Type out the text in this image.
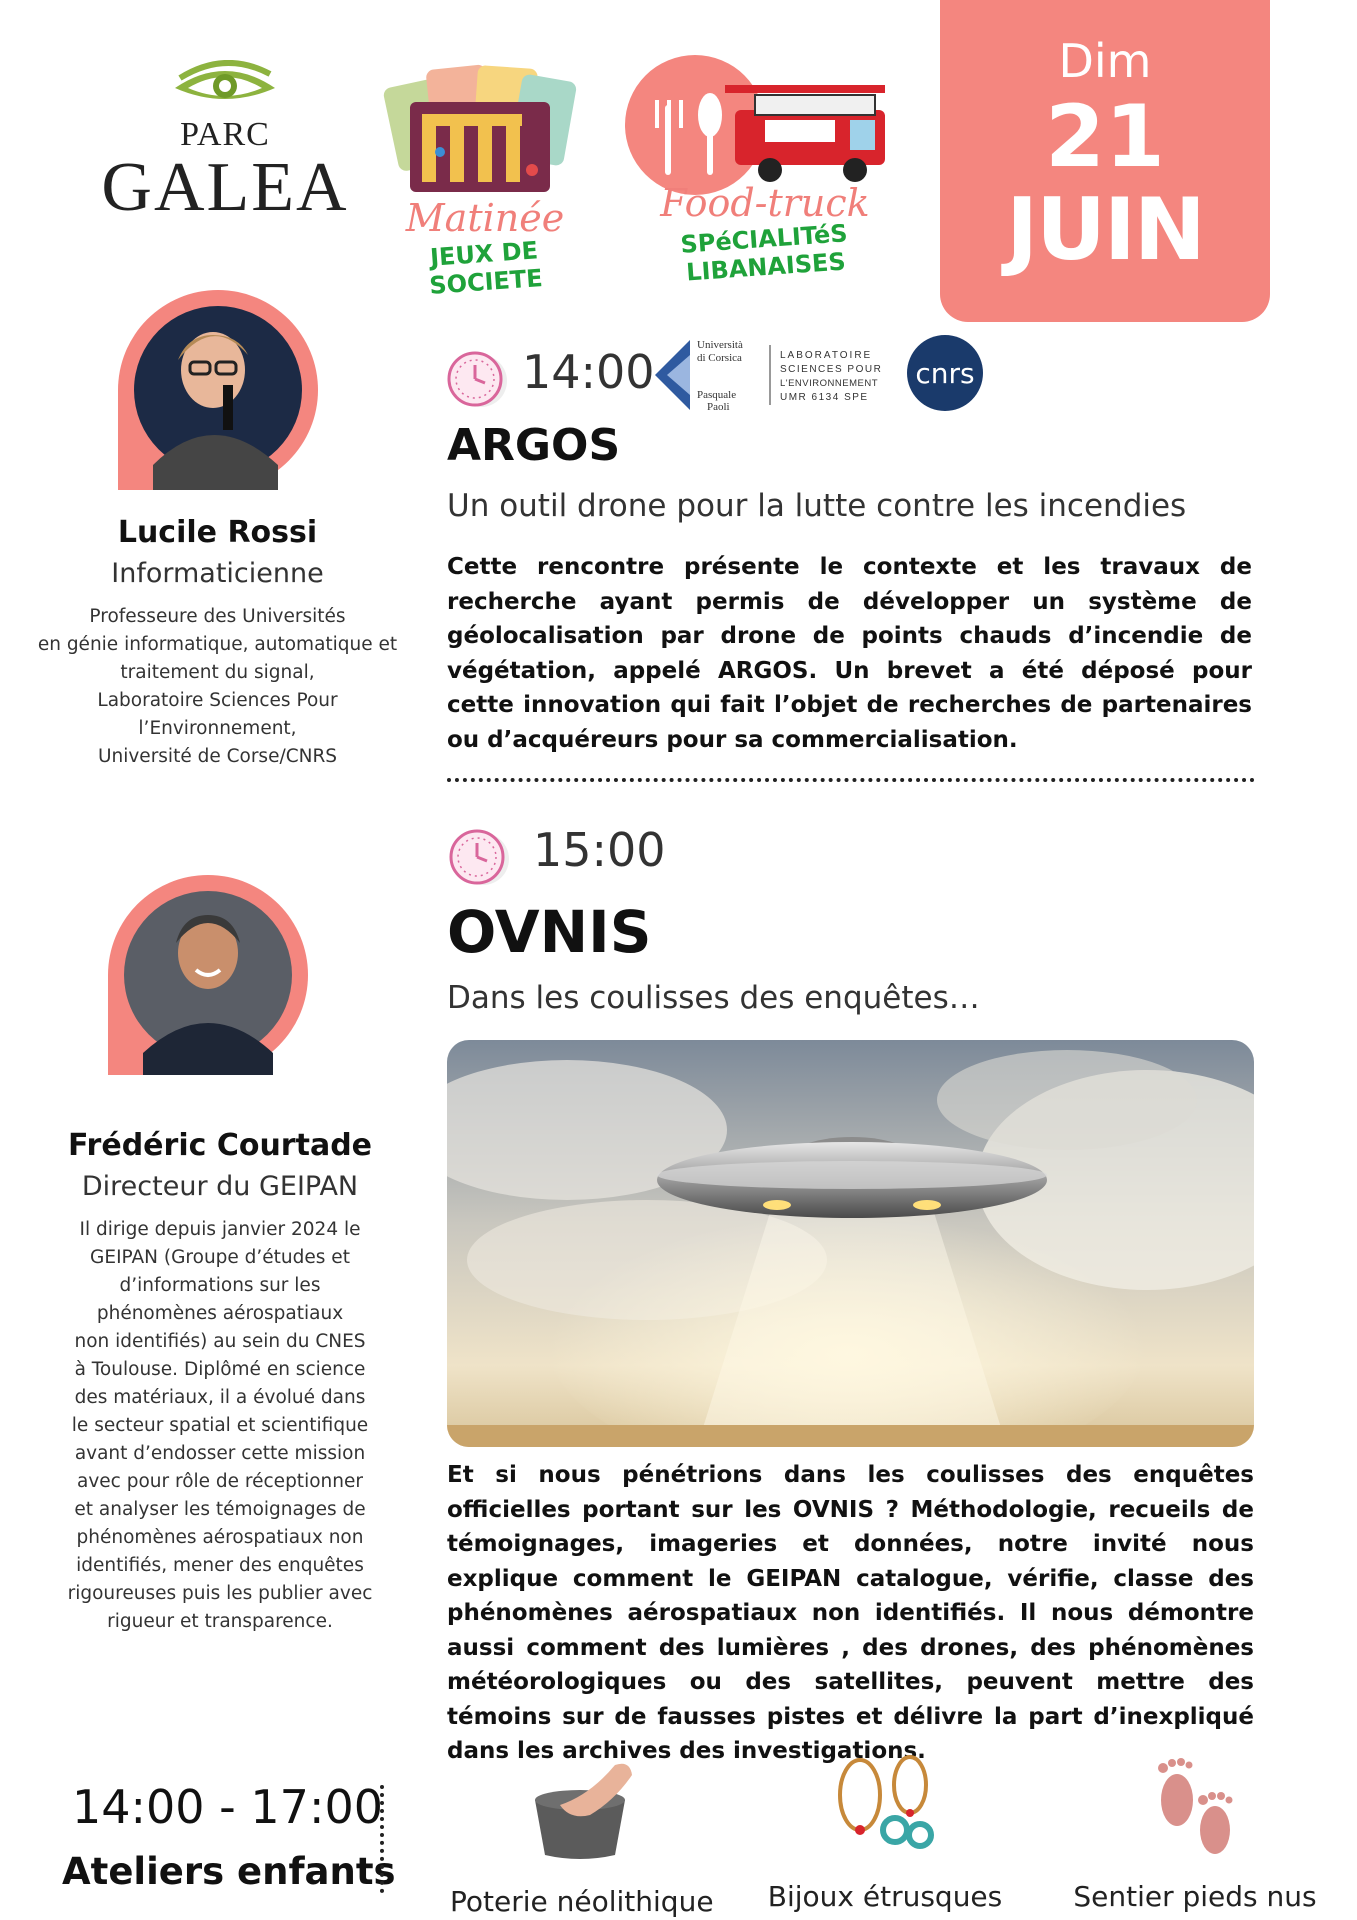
PARC
GALEA	Matinée
JEUX DE SOCIETE
Food-truck
SPéCIALITéS LIBANAISES
Dim
21
JUIN
Lucile Rossi
Informaticienne
Professeure des Universités
en génie informatique, automatique et
traitement du signal,
Laboratoire Sciences Pour
l’Environnement,
Université de Corse/CNRS
Frédéric Courtade
Directeur du GEIPAN
Il dirige depuis janvier 2024 le
GEIPAN (Groupe d’études et
d’informations sur les
phénomènes aérospatiaux
non identifiés) au sein du CNES
à Toulouse. Diplômé en science
des matériaux, il a évolué dans
le secteur spatial et scientifique
avant d’endosser cette mission
avec pour rôle de réceptionner
et analyser les témoignages de
phénomènes aérospatiaux non
identifiés, mener des enquêtes
rigoureuses puis les publier avec
rigueur et transparence.
14:00	Università
di Corsica
Pasquale
Paoli
LABORATOIRE
SCIENCES POUR
L'ENVIRONNEMENT
UMR 6134 SPE
cnrs
ARGOS
Un outil drone pour la lutte contre les incendies
Cette rencontre présente le contexte et les travaux de recherche ayant permis de développer un système de géolocalisation par drone de points chauds d’incendie de végétation, appelé ARGOS. Un brevet a été déposé pour cette innovation qui fait l’objet de recherches de partenaires ou d’acquéreurs pour sa commercialisation.
15:00
OVNIS
Dans les coulisses des enquêtes…
Et si nous pénétrions dans les coulisses des enquêtes officielles portant sur les OVNIS ? Méthodologie, recueils de témoignages, imageries et données, notre invité nous explique comment le GEIPAN catalogue, vérifie, classe des phénomènes aérospatiaux non identifiés. Il nous démontre aussi comment des lumières , des drones, des phénomènes météorologiques ou des satellites, peuvent mettre des témoins sur de fausses pistes et délivre la part d’inexpliqué dans les archives des investigations.
14:00 - 17:00
Ateliers enfants
Poterie néolithique Bijoux étrusques	Sentier pieds nus
